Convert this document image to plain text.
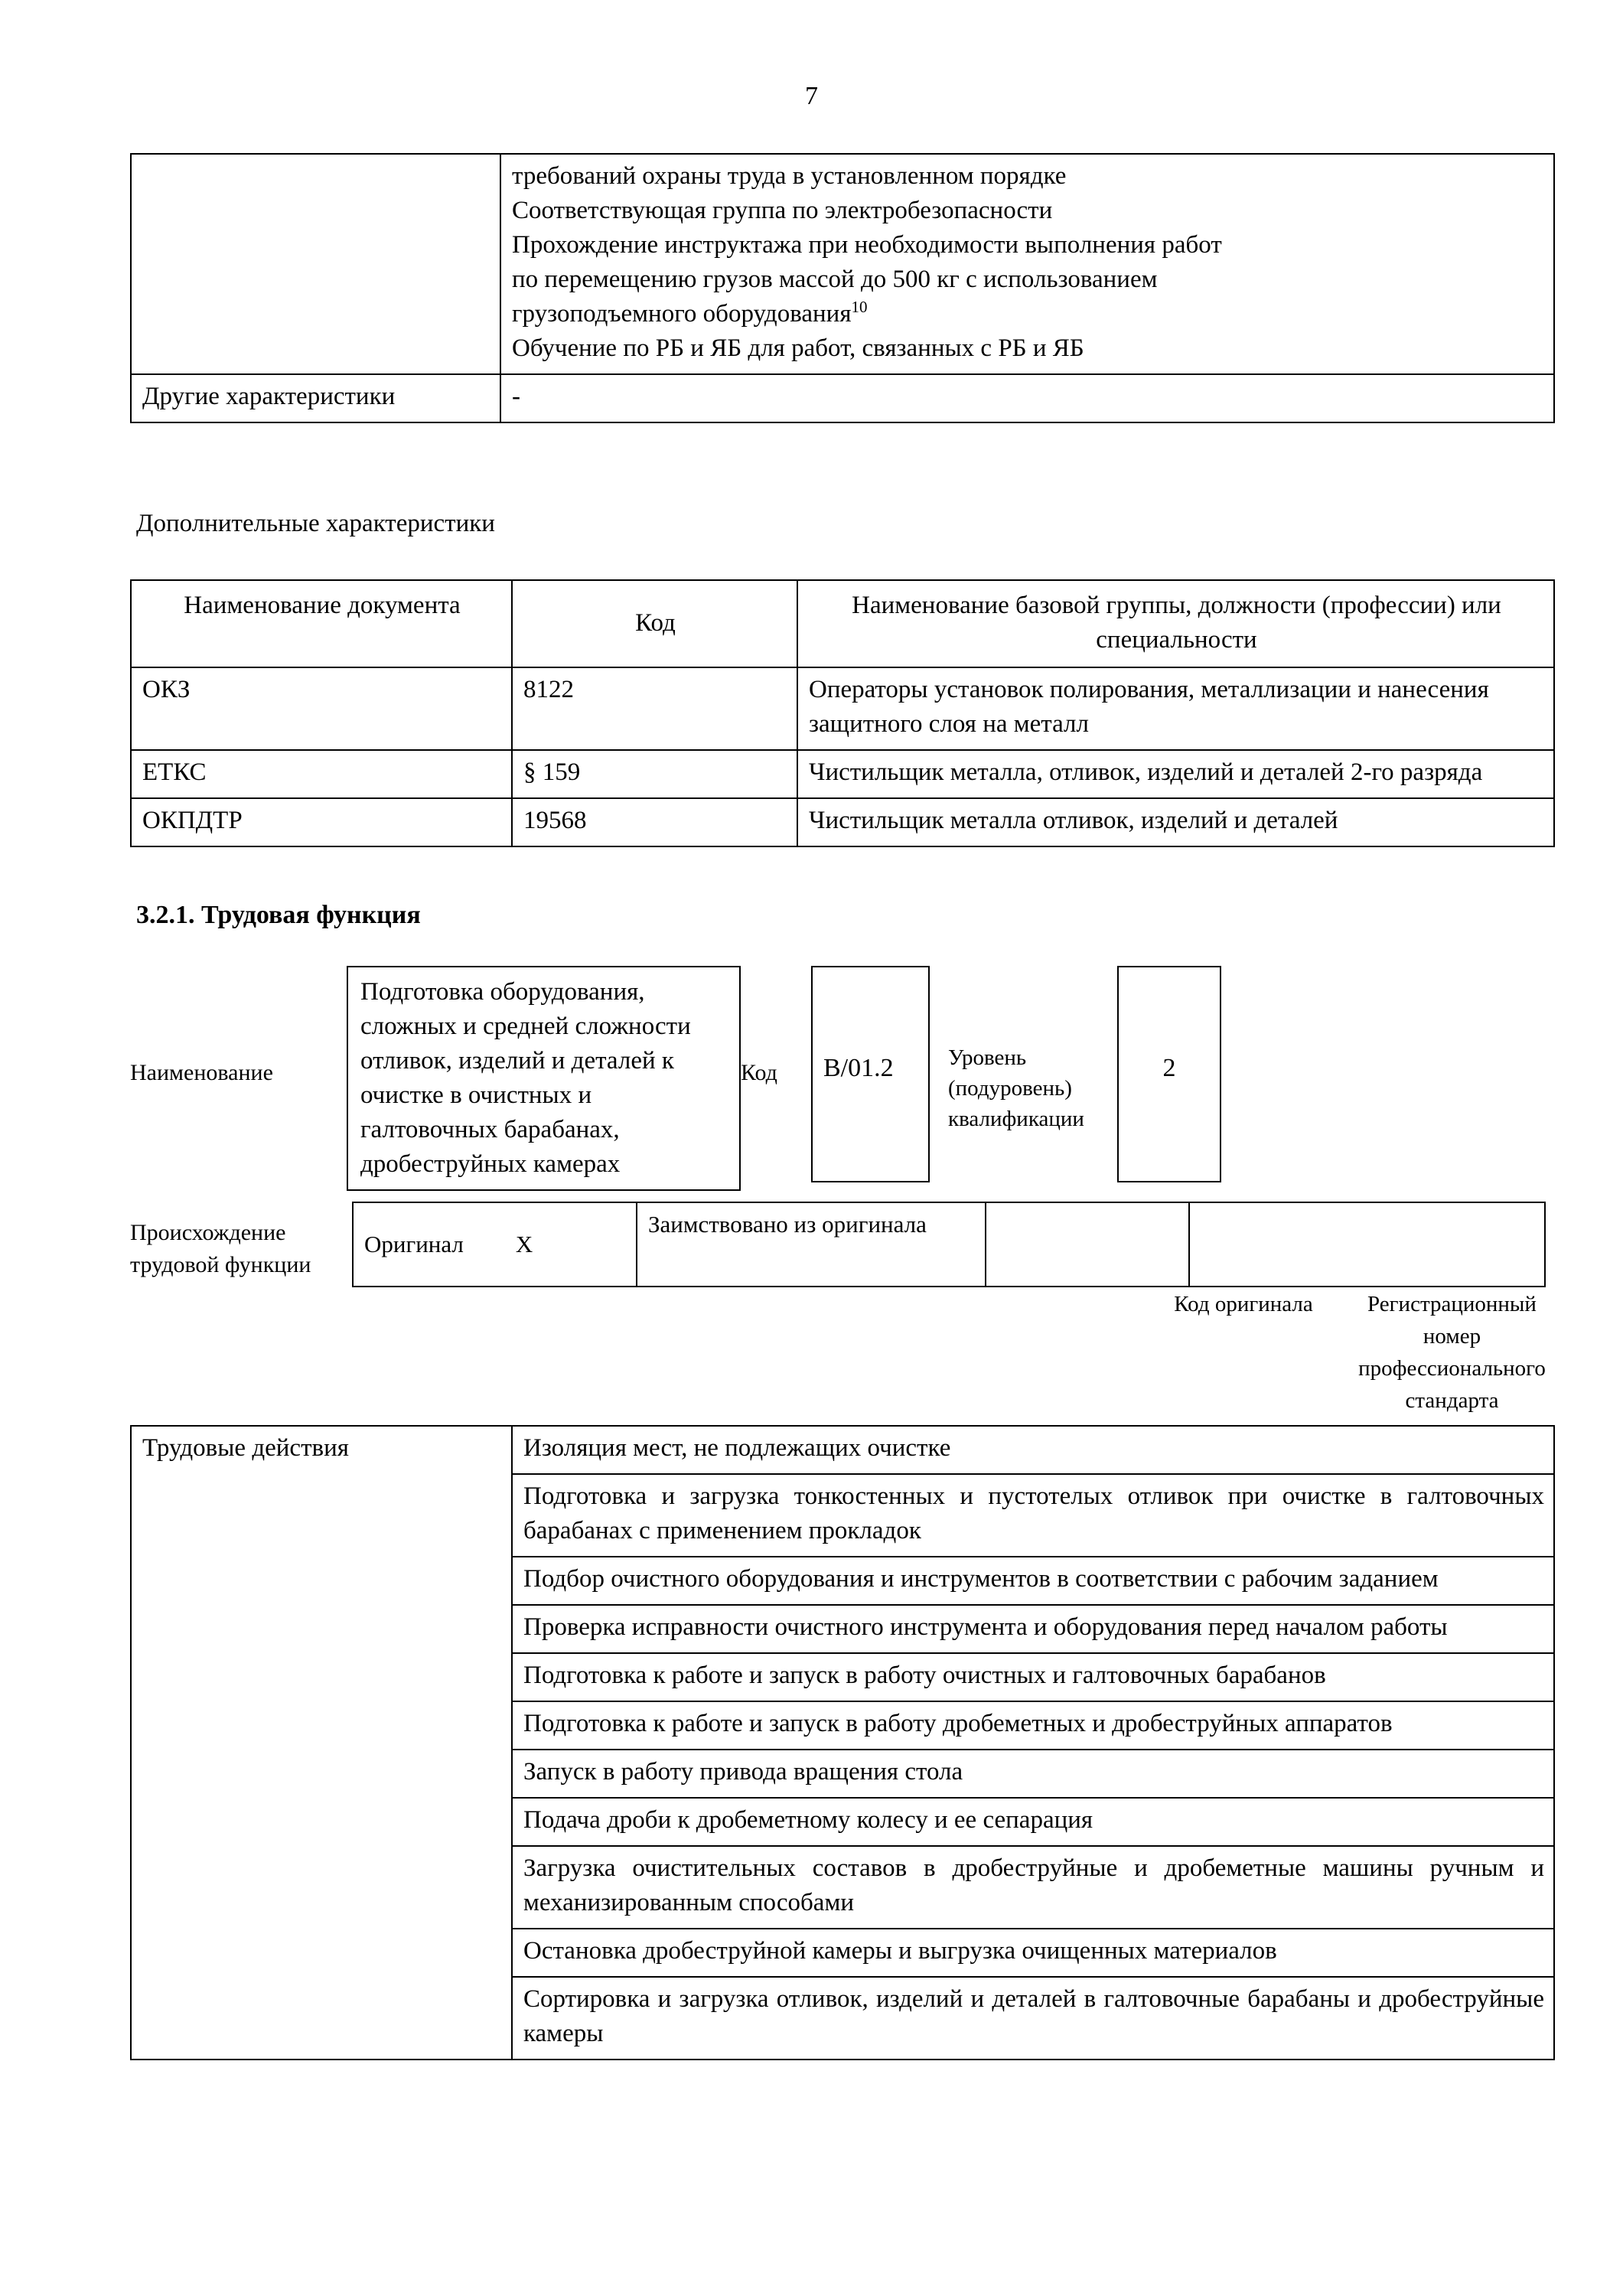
7

требований охраны труда в установленном порядке
Соответствующая группа по электробезопасности
Прохождение инструктажа при необходимости выполнения работ
по перемещению грузов массой до 500 кг с использованием
грузоподъемного оборудования$^{10}$
Обучение по РБ и ЯБ для работ, связанных с РБ и ЯБ

Другие характеристики	-
Дополнительные характеристики
Наименование документа	Код	Наименование базовой группы, должности (профессии) или специальности
ОКЗ	8122	Операторы установок полирования, металлизации и нанесения защитного слоя на металл
ЕТКС	§ 159	Чистильщик металла, отливок, изделий и деталей 2-го разряда
ОКПДТР	19568	Чистильщик металла отливок, изделий и деталей
3.2.1. Трудовая функция
Наименование
Подготовка оборудования, сложных и средней сложности отливок, изделий и деталей к очистке в очистных и галтовочных барабанах, дробеструйных камерах
Код	B/01.2	Уровень (подуровень) квалификации
2
Происхождение трудовой функции
Оригинал X
	Заимствовано из оригинала		
Код оригинала	Регистрационный номер профессионального стандарта
Трудовые действия	Изоляция мест, не подлежащих очистке
Подготовка и загрузка тонкостенных и пустотелых отливок при очистке в галтовочных барабанах с применением прокладок
Подбор очистного оборудования и инструментов в соответствии с рабочим заданием
Проверка исправности очистного инструмента и оборудования перед началом работы
Подготовка к работе и запуск в работу очистных и галтовочных барабанов
Подготовка к работе и запуск в работу дробеметных и дробеструйных аппаратов
Запуск в работу привода вращения стола
Подача дроби к дробеметному колесу и ее сепарация
Загрузка очистительных составов в дробеструйные и дробеметные машины ручным и механизированным способами
Остановка дробеструйной камеры и выгрузка очищенных материалов
Сортировка и загрузка отливок, изделий и деталей в галтовочные барабаны и дробеструйные камеры
